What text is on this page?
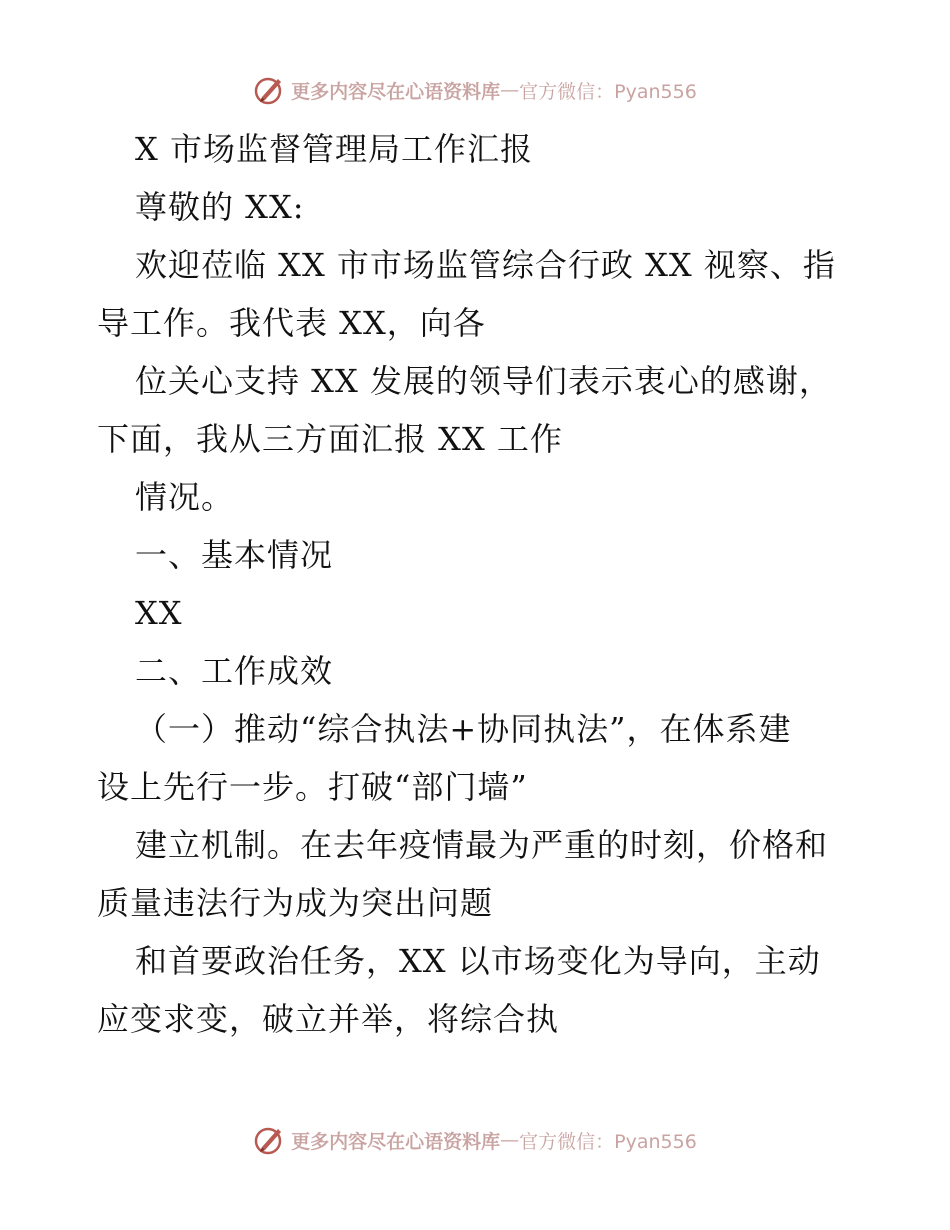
更多内容尽在心语资料库 — 官方微信：Pyan556
X 市场监督管理局工作汇报
尊敬的 XX:
欢迎莅临 XX 市市场监管综合行政 XX 视察、指
导工作。我代表 XX，向各
位关心支持 XX 发展的领导们表示衷心的感谢，
下面，我从三方面汇报 XX 工作
情况。
一、基本情况
XX
二、工作成效
（一）推动“综合执法+协同执法”，在体系建
设上先行一步。打破“部门墙”
建立机制。在去年疫情最为严重的时刻，价格和
质量违法行为成为突出问题
和首要政治任务，XX 以市场变化为导向，主动
应变求变，破立并举，将综合执
更多内容尽在心语资料库 — 官方微信：Pyan556
